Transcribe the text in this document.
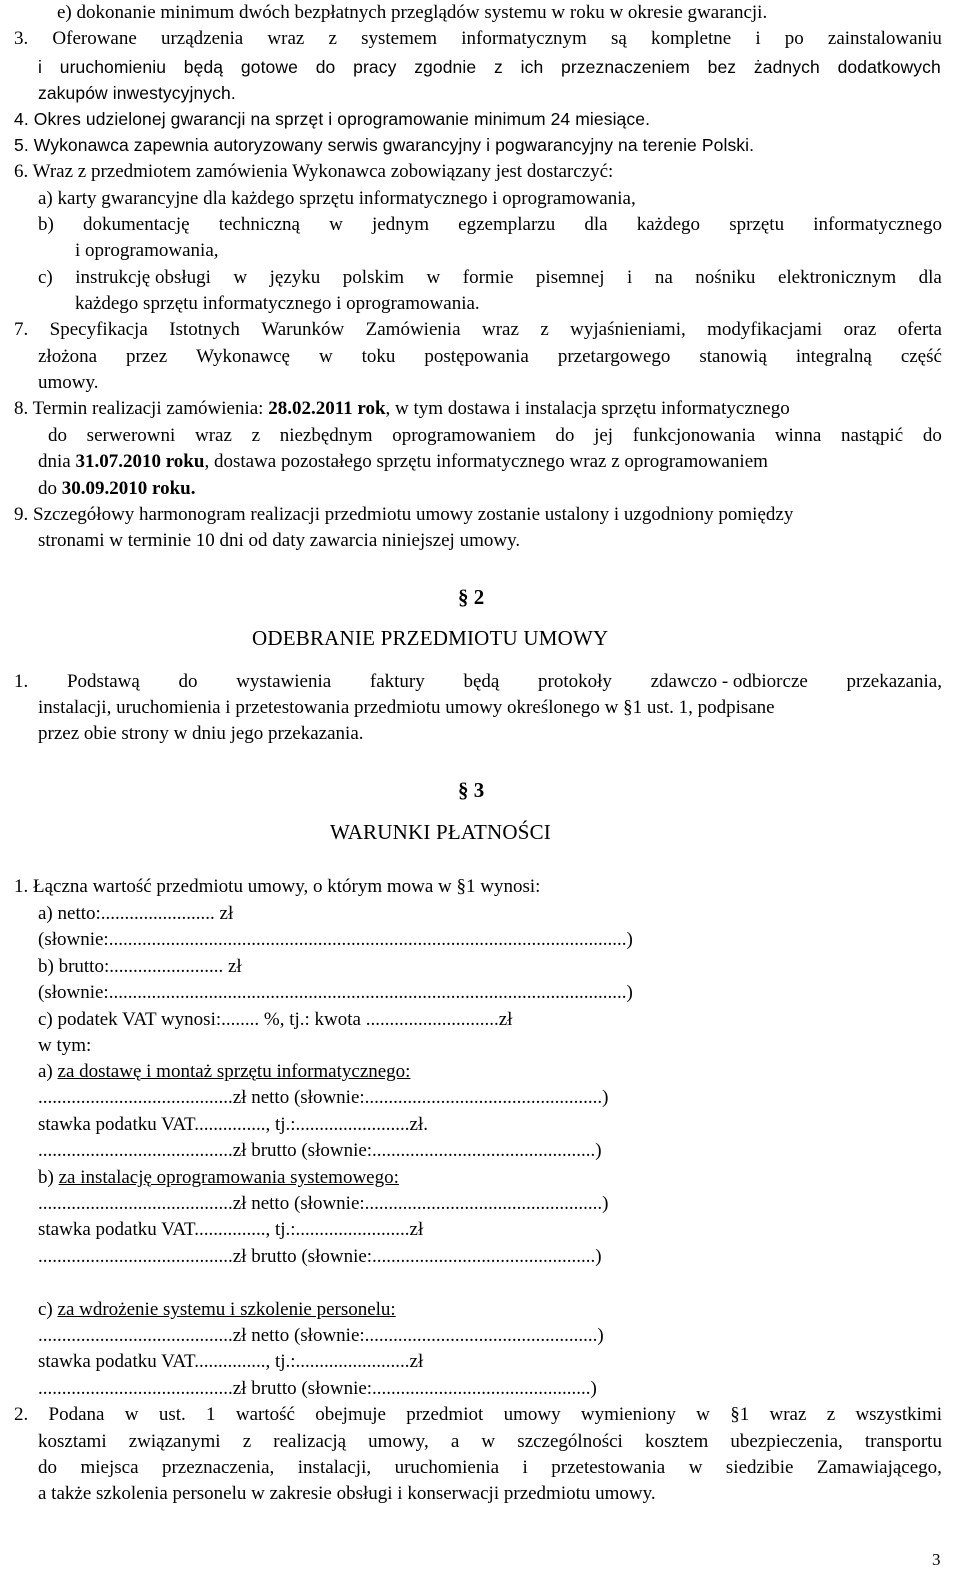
e) dokonanie minimum dwóch bezpłatnych przeglądów systemu w roku w okresie gwarancji.
3. Oferowane urządzenia wraz z systemem informatycznym są kompletne i po zainstalowaniu
i uruchomieniu będą gotowe do pracy zgodnie z ich przeznaczeniem bez żadnych dodatkowych
zakupów inwestycyjnych.
4. Okres udzielonej gwarancji na sprzęt i oprogramowanie minimum 24 miesiące.
5. Wykonawca zapewnia autoryzowany serwis gwarancyjny i pogwarancyjny na terenie Polski.
6. Wraz z przedmiotem zamówienia Wykonawca zobowiązany jest dostarczyć:
a) karty gwarancyjne dla każdego sprzętu informatycznego i oprogramowania,
b) dokumentację techniczną w jednym egzemplarzu dla każdego sprzętu informatycznego
i oprogramowania,
c) instrukcję obsługi w języku polskim w formie pisemnej i na nośniku elektronicznym dla
każdego sprzętu informatycznego i oprogramowania.
7. Specyfikacja Istotnych Warunków Zamówienia wraz z wyjaśnieniami, modyfikacjami oraz oferta
złożona przez Wykonawcę w toku postępowania przetargowego stanowią integralną część
umowy.
8. Termin realizacji zamówienia: 28.02.2011 rok, w tym dostawa i instalacja sprzętu informatycznego
do serwerowni wraz z niezbędnym oprogramowaniem do jej funkcjonowania winna nastąpić do
dnia 31.07.2010 roku, dostawa pozostałego sprzętu informatycznego wraz z oprogramowaniem
do 30.09.2010 roku.
9. Szczegółowy harmonogram realizacji przedmiotu umowy zostanie ustalony i uzgodniony pomiędzy
stronami w terminie 10 dni od daty zawarcia niniejszej umowy.
§ 2
ODEBRANIE PRZEDMIOTU UMOWY
1. Podstawą do wystawienia faktury będą protokoły zdawczo - odbiorcze przekazania,
instalacji, uruchomienia i przetestowania przedmiotu umowy określonego w §1 ust. 1, podpisane
przez obie strony w dniu jego przekazania.
§ 3
WARUNKI PŁATNOŚCI
1. Łączna wartość przedmiotu umowy, o którym mowa w §1 wynosi:
a) netto:........................ zł
(słownie:.............................................................................................................)
b) brutto:........................ zł
(słownie:.............................................................................................................)
c) podatek VAT wynosi:........ %, tj.: kwota ............................zł
w tym:
a) za dostawę i montaż sprzętu informatycznego:
.........................................zł netto (słownie:..................................................)
stawka podatku VAT..............., tj.:........................zł.
.........................................zł brutto (słownie:...............................................)
b) za instalację oprogramowania systemowego:
.........................................zł netto (słownie:..................................................)
stawka podatku VAT..............., tj.:........................zł
.........................................zł brutto (słownie:...............................................)
c) za wdrożenie systemu i szkolenie personelu:
.........................................zł netto (słownie:.................................................)
stawka podatku VAT..............., tj.:........................zł
.........................................zł brutto (słownie:..............................................)
2. Podana w ust. 1 wartość obejmuje przedmiot umowy wymieniony w §1 wraz z wszystkimi
kosztami związanymi z realizacją umowy, a w szczególności kosztem ubezpieczenia, transportu
do miejsca przeznaczenia, instalacji, uruchomienia i przetestowania w siedzibie Zamawiającego,
a także szkolenia personelu w zakresie obsługi i konserwacji przedmiotu umowy.
3
